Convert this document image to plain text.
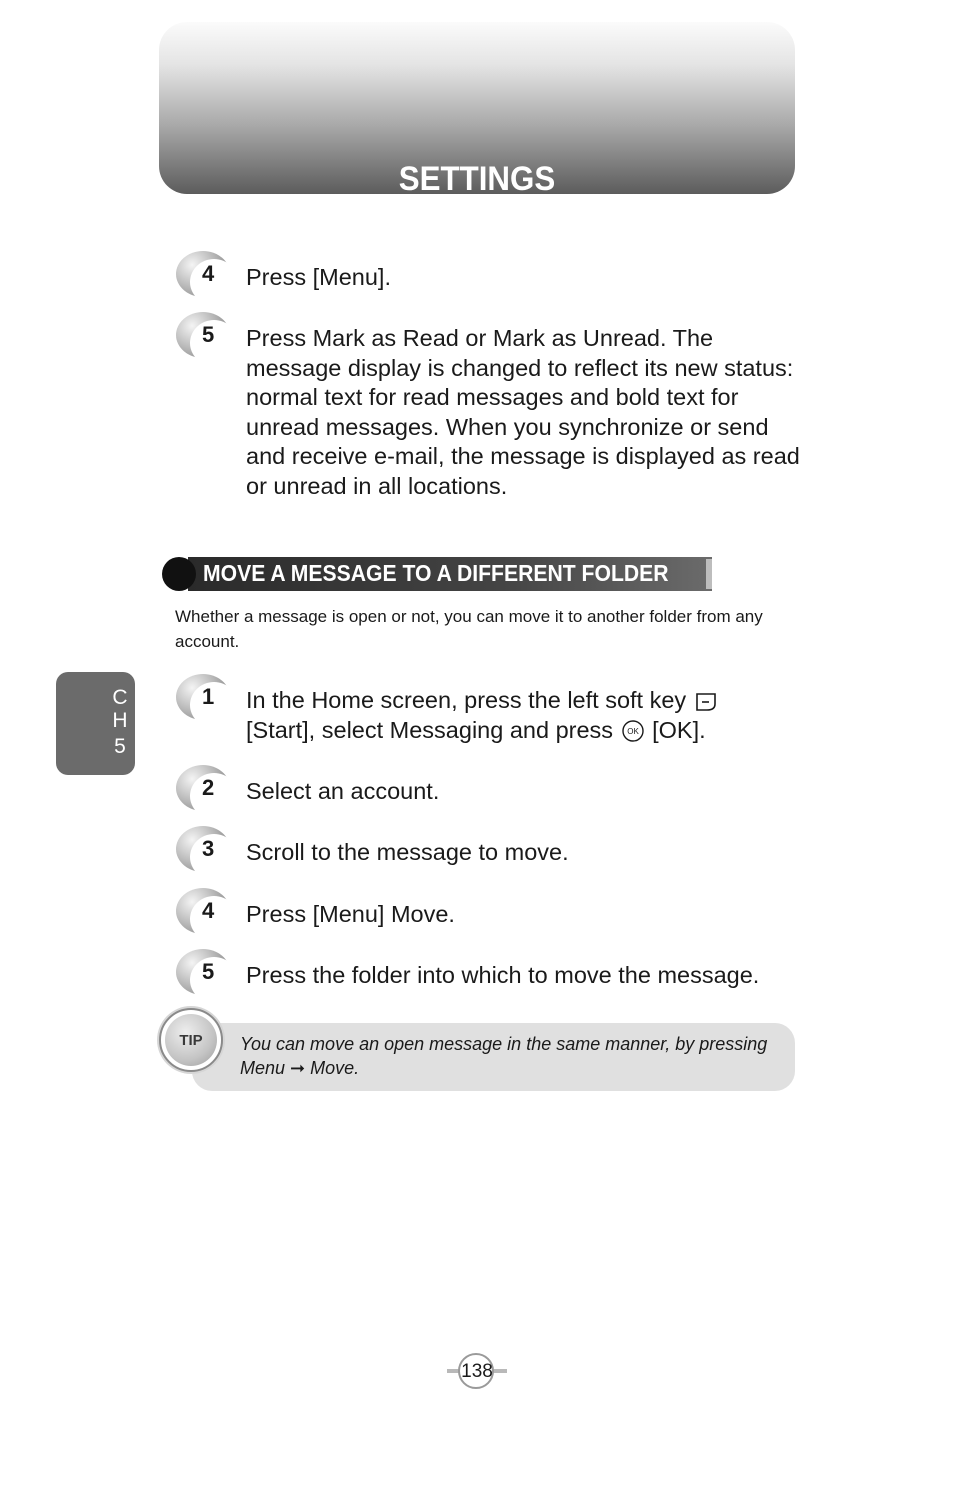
SETTINGS
4	Press [Menu].
5	Press Mark as Read or Mark as Unread. The message display is changed to reflect its new status: normal text for read messages and bold text for unread messages. When you synchronize or send and receive e-mail, the message is displayed as read or unread in all locations.
MOVE A MESSAGE TO A DIFFERENT FOLDER
Whether a message is open or not, you can move it to another folder from any account.
C
H
5
1	In the Home screen, press the left soft key
[Start], select Messaging and press OK [OK].
2	Select an account.
3	Scroll to the message to move.
4	Press [Menu] Move.
5	Press the folder into which to move the message.
You can move an open message in the same manner, by pressing Menu ➞ Move.
TIP
138
